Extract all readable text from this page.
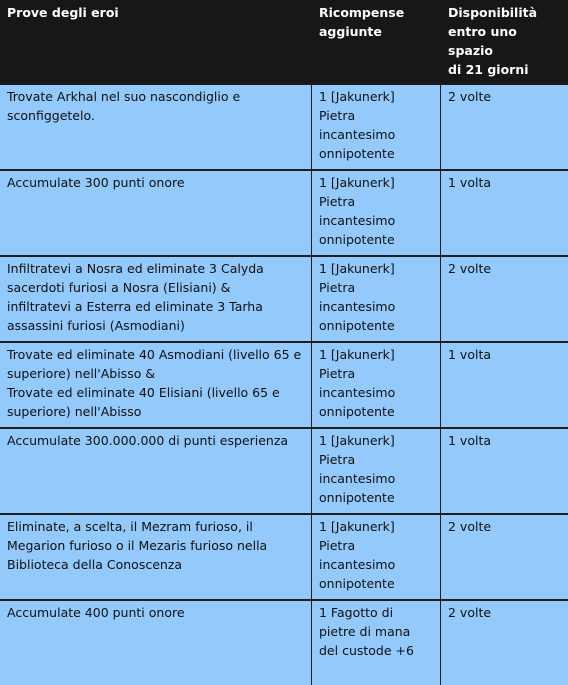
Prove degli eroi	Ricompense
aggiunte	Disponibilità
entro uno spazio
di 21 giorni

Trovate Arkhal nel suo nascondiglio e
sconfiggetelo.	1 [Jakunerk]
Pietra
incantesimo
onnipotente	2 volte

Accumulate 300 punti onore	1 [Jakunerk]
Pietra
incantesimo
onnipotente	1 volta

Infiltratevi a Nosra ed eliminate 3 Calyda
sacerdoti furiosi a Nosra (Elisiani) &
infiltratevi a Esterra ed eliminate 3 Tarha
assassini furiosi (Asmodiani)	1 [Jakunerk]
Pietra
incantesimo
onnipotente	2 volte

Trovate ed eliminate 40 Asmodiani (livello 65 e
superiore) nell'Abisso &
Trovate ed eliminate 40 Elisiani (livello 65 e
superiore) nell'Abisso	1 [Jakunerk]
Pietra
incantesimo
onnipotente	1 volta

Accumulate 300.000.000 di punti esperienza	1 [Jakunerk]
Pietra
incantesimo
onnipotente	1 volta

Eliminate, a scelta, il Mezram furioso, il
Megarion furioso o il Mezaris furioso nella
Biblioteca della Conoscenza	1 [Jakunerk]
Pietra
incantesimo
onnipotente	2 volte

Accumulate 400 punti onore	1 Fagotto di
pietre di mana
del custode +6	2 volte
